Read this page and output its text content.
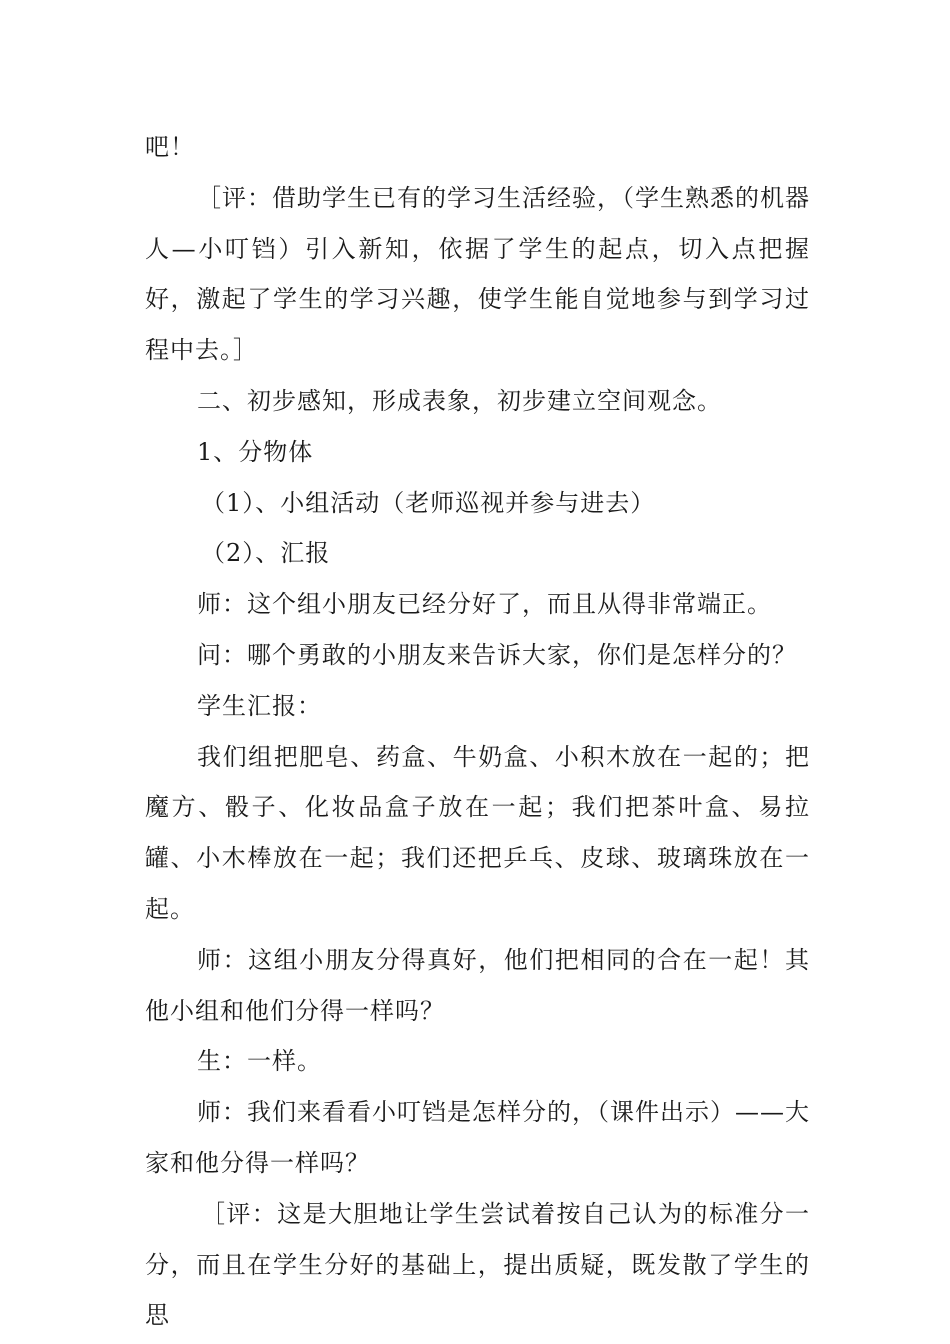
吧！

［评：借助学生已有的学习生活经验，（学生熟悉的机器人—小叮铛）引入新知，依据了学生的起点，切入点把握好，激起了学生的学习兴趣，使学生能自觉地参与到学习过程中去。］

二、初步感知，形成表象，初步建立空间观念。

1、分物体

（1）、小组活动（老师巡视并参与进去）

（2）、汇报

师：这个组小朋友已经分好了，而且从得非常端正。

问：哪个勇敢的小朋友来告诉大家，你们是怎样分的？

学生汇报：

我们组把肥皂、药盒、牛奶盒、小积木放在一起的；把魔方、骰子、化妆品盒子放在一起；我们把茶叶盒、易拉罐、小木棒放在一起；我们还把乒乓、皮球、玻璃珠放在一起。

师：这组小朋友分得真好，他们把相同的合在一起！其他小组和他们分得一样吗？

生：一样。

师：我们来看看小叮铛是怎样分的，（课件出示）——大家和他分得一样吗？

［评：这是大胆地让学生尝试着按自己认为的标准分一分，而且在学生分好的基础上，提出质疑，既发散了学生的思
